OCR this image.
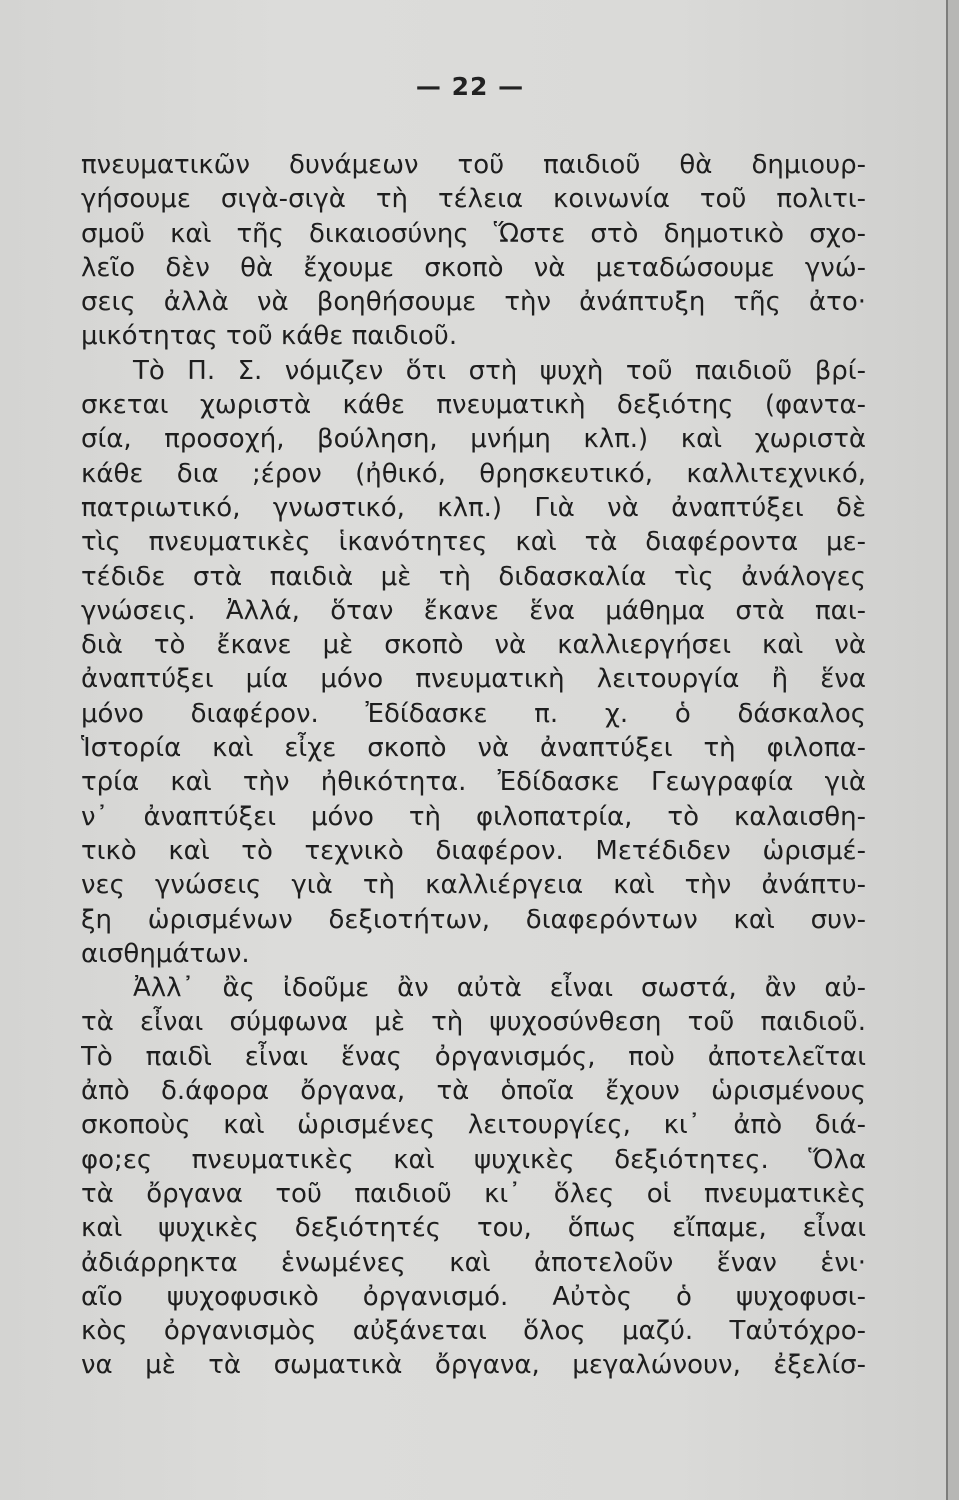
— 22 —
πνευματικῶν δυνάμεων τοῦ παιδιοῦ θὰ δημιουρ-
γήσουμε σιγὰ-σιγὰ τὴ τέλεια κοινωνία τοῦ πολιτι-
σμοῦ καὶ τῆς δικαιοσύνης Ὥστε στὸ δημοτικὸ σχο-
λεῖο δὲν θὰ ἔχουμε σκοπὸ νὰ μεταδώσουμε γνώ-
σεις ἀλλὰ νὰ βοηθήσουμε τὴν ἀνάπτυξη τῆς ἀτο·
μικότητας τοῦ κάθε παιδιοῦ.
Τὸ Π. Σ. νόμιζεν ὅτι στὴ ψυχὴ τοῦ παιδιοῦ βρί-
σκεται χωριστὰ κάθε πνευματικὴ δεξιότης (φαντα-
σία, προσοχή, βούληση, μνήμη κλπ.) καὶ χωριστὰ
κάθε δια ;έρον (ἠθικό, θρησκευτικό, καλλιτεχνικό,
πατριωτικό, γνωστικό, κλπ.) Γιὰ νὰ ἀναπτύξει δὲ
τὶς πνευματικὲς ἱκανότητες καὶ τὰ διαφέροντα με-
τέδιδε στὰ παιδιὰ μὲ τὴ διδασκαλία τὶς ἀνάλογες
γνώσεις. Ἀλλά, ὅταν ἔκανε ἕνα μάθημα στὰ παι-
διὰ τὸ ἔκανε μὲ σκοπὸ νὰ καλλιεργήσει καὶ νὰ
ἀναπτύξει μία μόνο πνευματικὴ λειτουργία ἢ ἕνα
μόνο διαφέρον. Ἐδίδασκε π. χ. ὁ δάσκαλος
Ἱστορία καὶ εἶχε σκοπὸ νὰ ἀναπτύξει τὴ φιλοπα-
τρία καὶ τὴν ἠθικότητα. Ἐδίδασκε Γεωγραφία γιὰ
ν᾽ ἀναπτύξει μόνο τὴ φιλοπατρία, τὸ καλαισθη-
τικὸ καὶ τὸ τεχνικὸ διαφέρον. Μετέδιδεν ὡρισμέ-
νες γνώσεις γιὰ τὴ καλλιέργεια καὶ τὴν ἀνάπτυ-
ξη ὡρισμένων δεξιοτήτων, διαφερόντων καὶ συν-
αισθημάτων.
Ἀλλ᾽ ἂς ἰδοῦμε ἂν αὐτὰ εἶναι σωστά, ἂν αὐ-
τὰ εἶναι σύμφωνα μὲ τὴ ψυχοσύνθεση τοῦ παιδιοῦ.
Τὸ παιδὶ εἶναι ἕνας ὀργανισμός, ποὺ ἀποτελεῖται
ἀπὸ δ.άφορα ὄργανα, τὰ ὁποῖα ἔχουν ὡρισμένους
σκοποὺς καὶ ὡρισμένες λειτουργίες, κι᾽ ἀπὸ διά-
φο;ες πνευματικὲς καὶ ψυχικὲς δεξιότητες. Ὅλα
τὰ ὄργανα τοῦ παιδιοῦ κι᾽ ὅλες οἱ πνευματικὲς
καὶ ψυχικὲς δεξιότητές του, ὅπως εἴπαμε, εἶναι
ἀδιάρρηκτα ἑνωμένες καὶ ἀποτελοῦν ἕναν ἑνι·
αῖο ψυχοφυσικὸ ὀργανισμό. Αὐτὸς ὁ ψυχοφυσι-
κὸς ὀργανισμὸς αὐξάνεται ὅλος μαζύ. Ταὐτόχρο-
να μὲ τὰ σωματικὰ ὄργανα, μεγαλώνουν, ἐξελίσ-
